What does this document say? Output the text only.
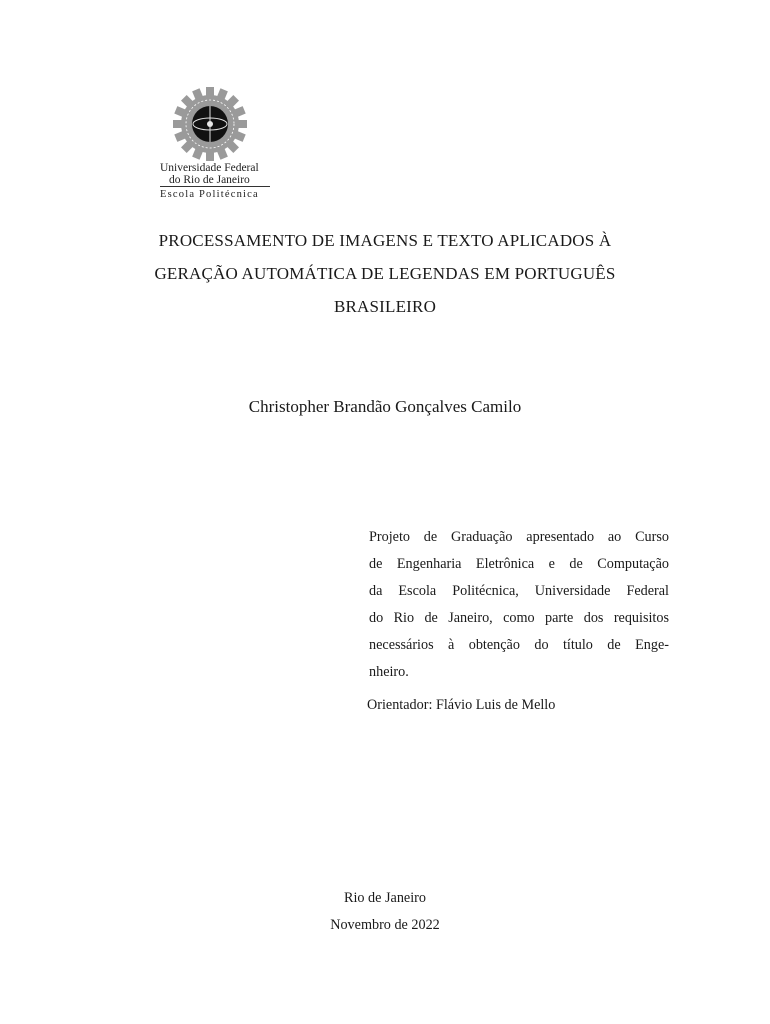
Universidade Federal
do Rio de Janeiro
Escola Politécnica
PROCESSAMENTO DE IMAGENS E TEXTO APLICADOS À
GERAÇÃO AUTOMÁTICA DE LEGENDAS EM PORTUGUÊS
BRASILEIRO
Christopher Brandão Gonçalves Camilo
Projeto de Graduação apresentado ao Curso
de Engenharia Eletrônica e de Computação
da Escola Politécnica, Universidade Federal
do Rio de Janeiro, como parte dos requisitos
necessários à obtenção do título de Enge-
nheiro.
Orientador: Flávio Luis de Mello
Rio de Janeiro
Novembro de 2022
